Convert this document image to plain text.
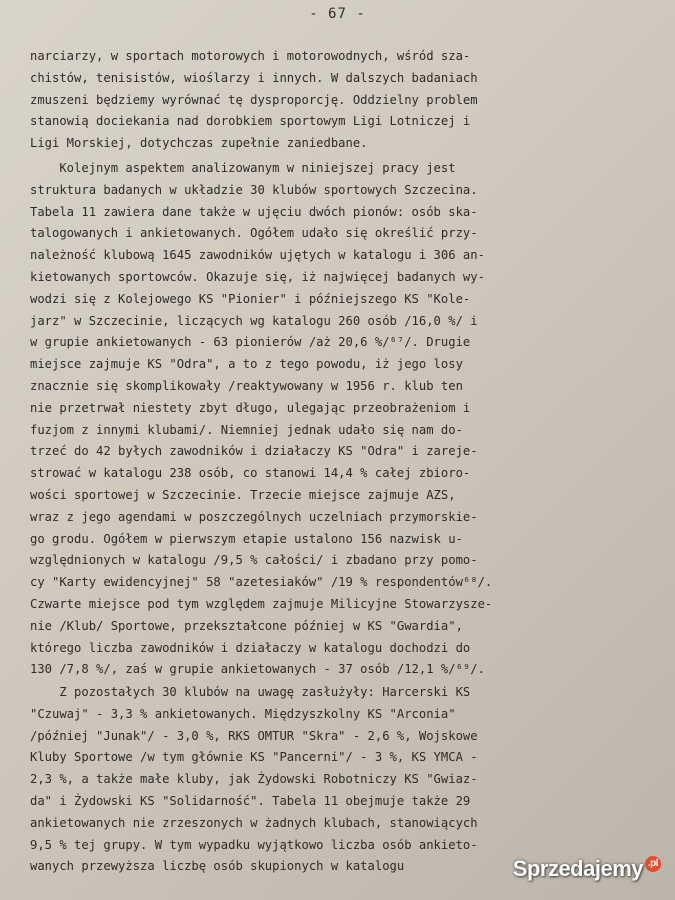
- 67 -
narciarzy, w sportach motorowych i motorowodnych, wśród sza-
chistów, tenisistów, wioślarzy i innych. W dalszych badaniach
zmuszeni będziemy wyrównać tę dysproporcję. Oddzielny problem
stanowią dociekania nad dorobkiem sportowym Ligi Lotniczej i
Ligi Morskiej, dotychczas zupełnie zaniedbane.
Kolejnym aspektem analizowanym w niniejszej pracy jest
struktura badanych w układzie 30 klubów sportowych Szczecina.
Tabela 11 zawiera dane także w ujęciu dwóch pionów: osób ska-
talogowanych i ankietowanych. Ogółem udało się określić przy-
należność klubową 1645 zawodników ujętych w katalogu i 306 an-
kietowanych sportowców. Okazuje się, iż najwięcej badanych wy-
wodzi się z Kolejowego KS "Pionier" i późniejszego KS "Kole-
jarz" w Szczecinie, liczących wg katalogu 260 osób /16,0 %/ i
w grupie ankietowanych - 63 pionierów /aż 20,6 %/⁶⁷/. Drugie
miejsce zajmuje KS "Odra", a to z tego powodu, iż jego losy
znacznie się skomplikowały /reaktywowany w 1956 r. klub ten
nie przetrwał niestety zbyt długo, ulegając przeobrażeniom i
fuzjom z innymi klubami/. Niemniej jednak udało się nam do-
trzeć do 42 byłych zawodników i działaczy KS "Odra" i zareje-
strować w katalogu 238 osób, co stanowi 14,4 % całej zbioro-
wości sportowej w Szczecinie. Trzecie miejsce zajmuje AZS,
wraz z jego agendami w poszczególnych uczelniach przymorskie-
go grodu. Ogółem w pierwszym etapie ustalono 156 nazwisk u-
względnionych w katalogu /9,5 % całości/ i zbadano przy pomo-
cy "Karty ewidencyjnej" 58 "azetesiaków" /19 % respondentów⁶⁸/.
Czwarte miejsce pod tym względem zajmuje Milicyjne Stowarzysze-
nie /Klub/ Sportowe, przekształcone później w KS "Gwardia",
którego liczba zawodników i działaczy w katalogu dochodzi do
130 /7,8 %/, zaś w grupie ankietowanych - 37 osób /12,1 %/⁶⁹/.
Z pozostałych 30 klubów na uwagę zasłużyły: Harcerski KS
"Czuwaj" - 3,3 % ankietowanych. Międzyszkolny KS "Arconia"
/później "Junak"/ - 3,0 %, RKS OMTUR "Skra" - 2,6 %, Wojskowe
Kluby Sportowe /w tym głównie KS "Pancerni"/ - 3 %, KS YMCA -
2,3 %, a także małe kluby, jak Żydowski Robotniczy KS "Gwiaz-
da" i Żydowski KS "Solidarność". Tabela 11 obejmuje także 29
ankietowanych nie zrzeszonych w żadnych klubach, stanowiących
9,5 % tej grupy. W tym wypadku wyjątkowo liczba osób ankieto-
wanych przewyższa liczbę osób skupionych w katalogu	Sprzedajemy .pl
